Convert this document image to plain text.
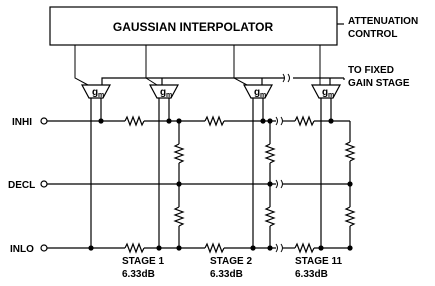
GAUSSIAN INTERPOLATOR	ATTENUATION
CONTROL
TO FIXED
GAIN STAGE
g m	g m	g m	g m
INHI
DECL
INLO
STAGE 1
6.33dB
STAGE 2
6.33dB
STAGE 11
6.33dB
